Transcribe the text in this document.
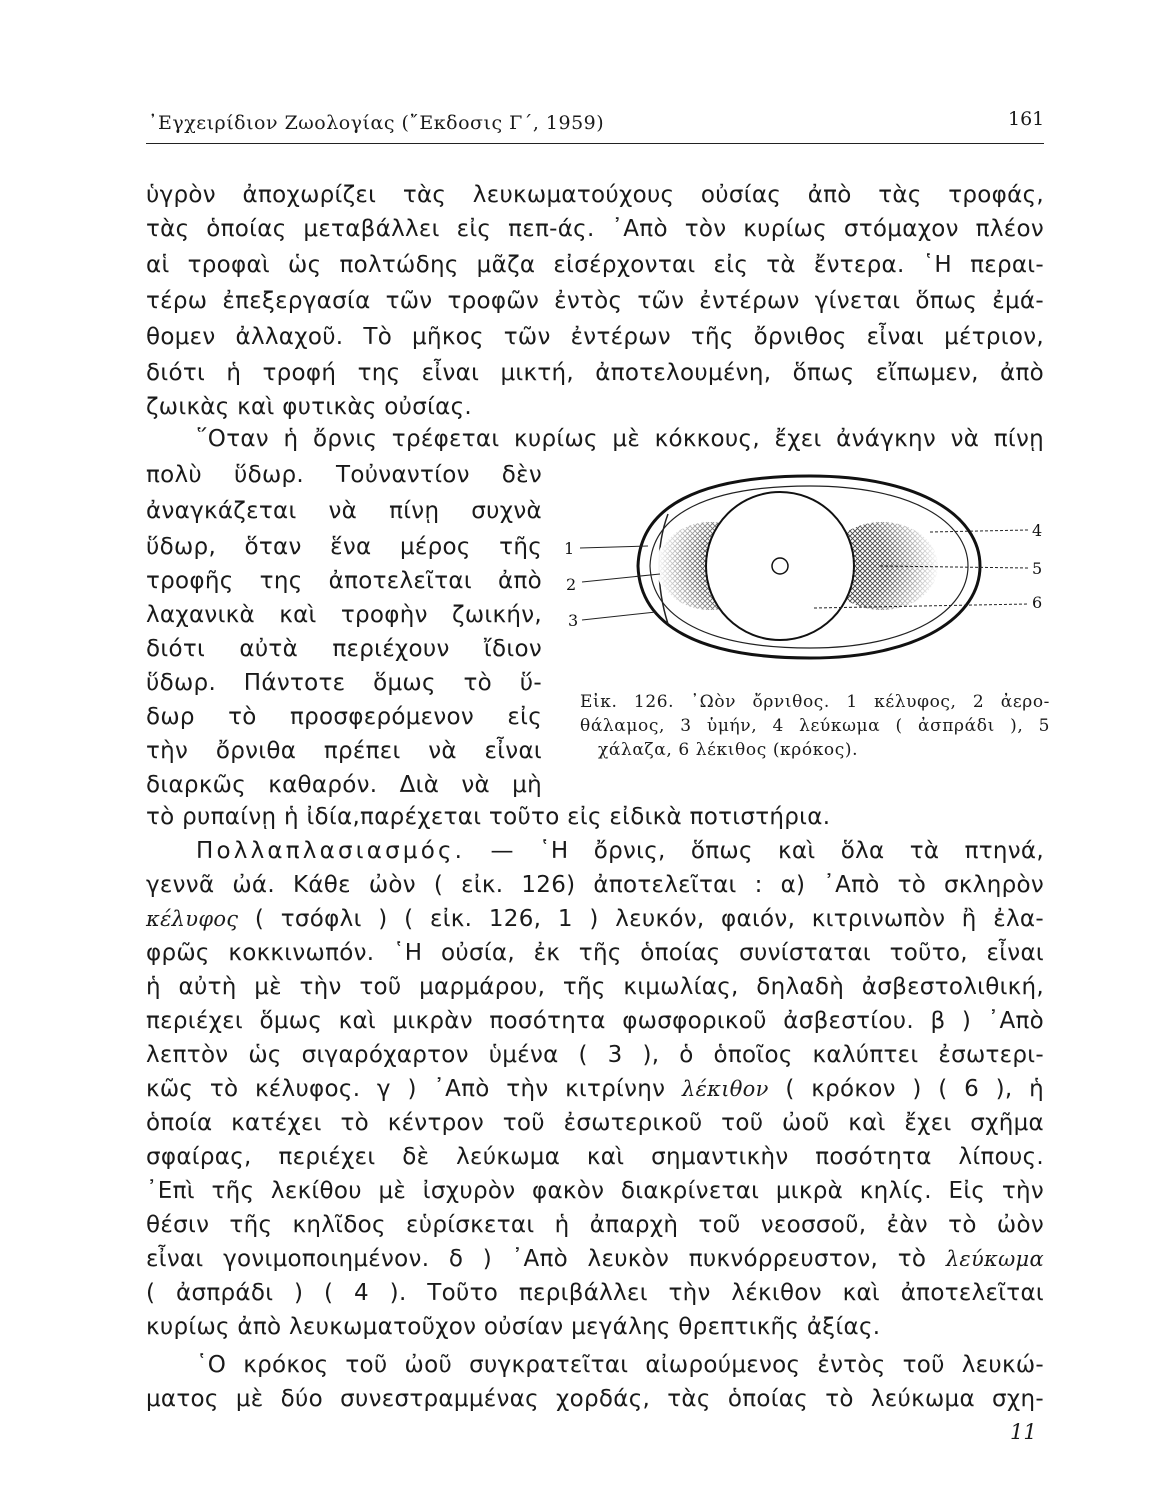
᾽Εγχειρίδιον Ζωολογίας (῎Εκδοσις Γ΄, 1959)	161
ὑγρὸν ἀποχωρίζει τὰς λευκωματούχους οὐσίας ἀπὸ τὰς τροφάς,
τὰς ὁποίας μεταβάλλει εἰς πεπ-άς. ᾽Απὸ τὸν κυρίως στόμαχον πλέον
αἱ τροφαὶ ὡς πολτώδης μᾶζα εἰσέρχονται εἰς τὰ ἔντερα. ῾Η περαι-
τέρω ἐπεξεργασία τῶν τροφῶν ἐντὸς τῶν ἐντέρων γίνεται ὅπως ἐμά-
θομεν ἀλλαχοῦ. Τὸ μῆκος τῶν ἐντέρων τῆς ὄρνιθος εἶναι μέτριον,
διότι ἡ τροφή της εἶναι μικτή, ἀποτελουμένη, ὅπως εἴπωμεν, ἀπὸ
ζωικὰς καὶ φυτικὰς οὐσίας.
῞Οταν ἡ ὄρνις τρέφεται κυρίως μὲ κόκκους, ἔχει ἀνάγκην νὰ πίνῃ
πολὺ ὕδωρ. Τοὐναντίον δὲν
ἀναγκάζεται νὰ πίνῃ συχνὰ
ὕδωρ, ὅταν ἕνα μέρος τῆς
τροφῆς της ἀποτελεῖται ἀπὸ
λαχανικὰ καὶ τροφὴν ζωικήν,
διότι αὐτὰ περιέχουν ἴδιον
ὕδωρ. Πάντοτε ὅμως τὸ ὕ-
δωρ τὸ προσφερόμενον εἰς
τὴν ὄρνιθα πρέπει νὰ εἶναι
διαρκῶς καθαρόν. Διὰ νὰ μὴ
τὸ ρυπαίνῃ ἡ ἰδία,παρέχεται τοῦτο εἰς εἰδικὰ ποτιστήρια.
1
2
3
4
5
6
Εἰκ. 126. ᾽Ωὸν ὄρνιθος. 1 κέλυφος, 2 ἀερο-
θάλαμος, 3 ὑμήν, 4 λεύκωμα ( ἀσπράδι ), 5
χάλαζα, 6 λέκιθος (κρόκος).
Πολλαπλασιασμός. — ῾Η ὄρνις, ὅπως καὶ ὅλα τὰ πτηνά,
γεννᾶ ὠά. Κάθε ὠὸν ( εἰκ. 126) ἀποτελεῖται : α) ᾽Απὸ τὸ σκληρὸν
κέλυφος ( τσόφλι ) ( εἰκ. 126, 1 ) λευκόν, φαιόν, κιτρινωπὸν ἢ ἐλα-
φρῶς κοκκινωπόν. ῾Η οὐσία, ἐκ τῆς ὁποίας συνίσταται τοῦτο, εἶναι
ἡ αὐτὴ μὲ τὴν τοῦ μαρμάρου, τῆς κιμωλίας, δηλαδὴ ἀσβεστολιθική,
περιέχει ὅμως καὶ μικρὰν ποσότητα φωσφορικοῦ ἀσβεστίου. β ) ᾽Απὸ
λεπτὸν ὡς σιγαρόχαρτον ὑμένα ( 3 ), ὁ ὁποῖος καλύπτει ἐσωτερι-
κῶς τὸ κέλυφος. γ ) ᾽Απὸ τὴν κιτρίνην λέκιθον ( κρόκον ) ( 6 ), ἡ
ὁποία κατέχει τὸ κέντρον τοῦ ἐσωτερικοῦ τοῦ ὠοῦ καὶ ἔχει σχῆμα
σφαίρας, περιέχει δὲ λεύκωμα καὶ σημαντικὴν ποσότητα λίπους.
᾽Επὶ τῆς λεκίθου μὲ ἰσχυρὸν φακὸν διακρίνεται μικρὰ κηλίς. Εἰς τὴν
θέσιν τῆς κηλῖδος εὑρίσκεται ἡ ἀπαρχὴ τοῦ νεοσσοῦ, ἐὰν τὸ ὠὸν
εἶναι γονιμοποιημένον. δ ) ᾽Απὸ λευκὸν πυκνόρρευστον, τὸ λεύκωμα
( ἀσπράδι ) ( 4 ). Τοῦτο περιβάλλει τὴν λέκιθον καὶ ἀποτελεῖται
κυρίως ἀπὸ λευκωματοῦχον οὐσίαν μεγάλης θρεπτικῆς ἀξίας.
῾Ο κρόκος τοῦ ὠοῦ συγκρατεῖται αἰωρούμενος ἐντὸς τοῦ λευκώ-
ματος μὲ δύο συνεστραμμένας χορδάς, τὰς ὁποίας τὸ λεύκωμα σχη-
11
